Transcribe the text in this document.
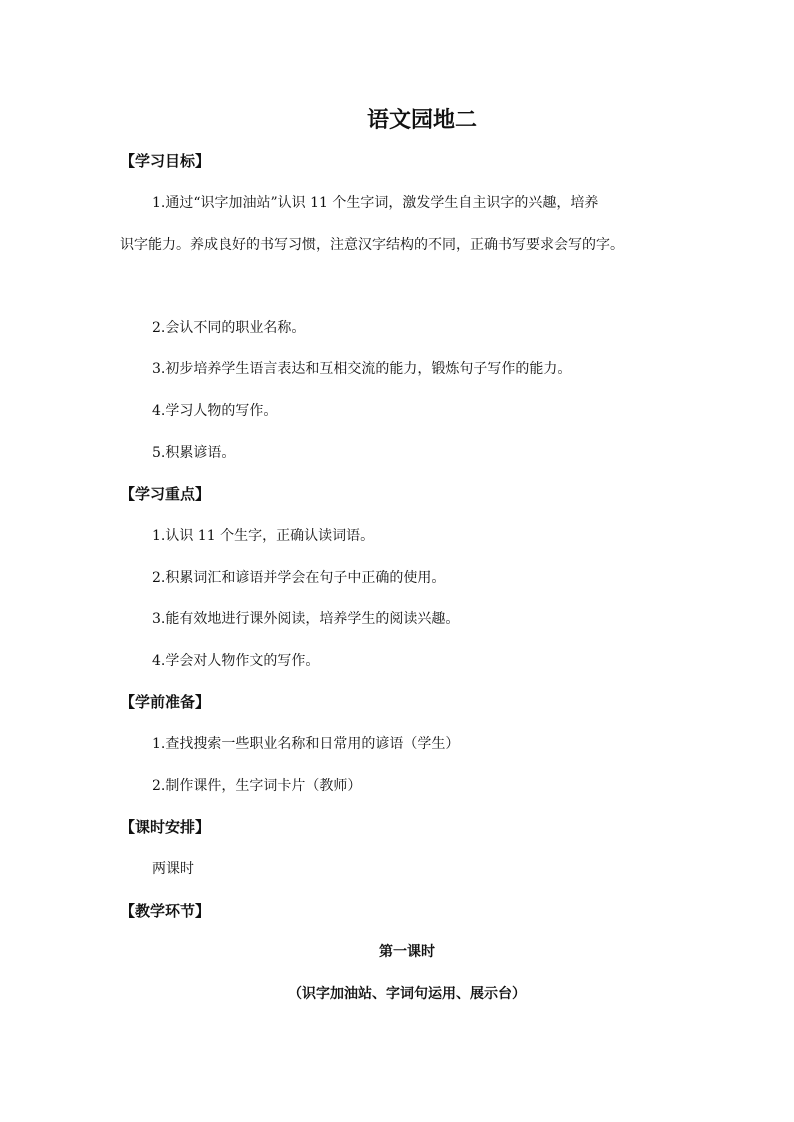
语文园地二
【学习目标】
1.通过“识字加油站”认识 11 个生字词，激发学生自主识字的兴趣，培养
识字能力。养成良好的书写习惯，注意汉字结构的不同，正确书写要求会写的字。
2.会认不同的职业名称。
3.初步培养学生语言表达和互相交流的能力，锻炼句子写作的能力。
4.学习人物的写作。
5.积累谚语。
【学习重点】
1.认识 11 个生字，正确认读词语。
2.积累词汇和谚语并学会在句子中正确的使用。
3.能有效地进行课外阅读，培养学生的阅读兴趣。
4.学会对人物作文的写作。
【学前准备】
1.查找搜索一些职业名称和日常用的谚语（学生）
2.制作课件，生字词卡片（教师）
【课时安排】
两课时
【教学环节】
第一课时
（识字加油站、字词句运用、展示台）
